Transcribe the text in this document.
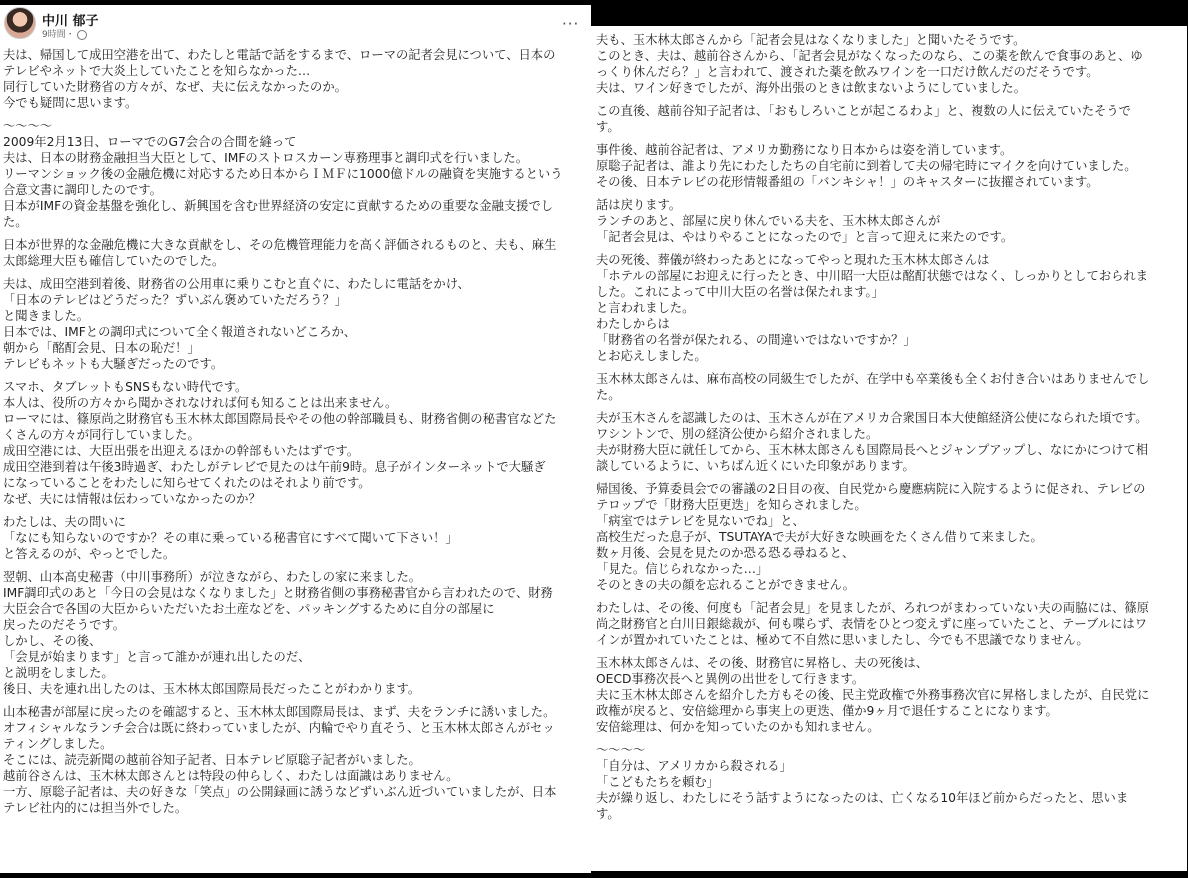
中川 郁子
9時間・
···
夫は、帰国して成田空港を出て、わたしと電話で話をするまで、ローマの記者会見について、日本の
テレビやネットで大炎上していたことを知らなかった…
同行していた財務省の方々が、なぜ、夫に伝えなかったのか。
今でも疑問に思います。
〜〜〜〜
2009年2月13日、ローマでのG7会合の合間を縫って
夫は、日本の財務金融担当大臣として、IMFのストロスカーン専務理事と調印式を行いました。
リーマンショック後の金融危機に対応するため日本からＩＭＦに1000億ドルの融資を実施するという
合意文書に調印したのです。
日本がIMFの資金基盤を強化し、新興国を含む世界経済の安定に貢献するための重要な金融支援でし
た。
日本が世界的な金融危機に大きな貢献をし、その危機管理能力を高く評価されるものと、夫も、麻生
太郎総理大臣も確信していたのでした。
夫は、成田空港到着後、財務省の公用車に乗りこむと直ぐに、わたしに電話をかけ、
「日本のテレビはどうだった？ずいぶん褒めていただろう？」
と聞きました。
日本では、IMFとの調印式について全く報道されないどころか、
朝から「酩酊会見、日本の恥だ！」
テレビもネットも大騒ぎだったのです。
スマホ、タブレットもSNSもない時代です。
本人は、役所の方々から聞かされなければ何も知ることは出来ません。
ローマには、篠原尚之財務官も玉木林太郎国際局長やその他の幹部職員も、財務省側の秘書官などた
くさんの方々が同行していました。
成田空港には、大臣出張を出迎えるほかの幹部もいたはずです。
成田空港到着は午後3時過ぎ、わたしがテレビで見たのは午前9時。息子がインターネットで大騒ぎ
になっていることをわたしに知らせてくれたのはそれより前です。
なぜ、夫には情報は伝わっていなかったのか？
わたしは、夫の問いに
「なにも知らないのですか？その車に乗っている秘書官にすべて聞いて下さい！」
と答えるのが、やっとでした。
翌朝、山本高史秘書（中川事務所）が泣きながら、わたしの家に来ました。
IMF調印式のあと「今日の会見はなくなりました」と財務省側の事務秘書官から言われたので、財務
大臣会合で各国の大臣からいただいたお土産などを、パッキングするために自分の部屋に
戻ったのだそうです。
しかし、その後、
「会見が始まります」と言って誰かが連れ出したのだ、
と説明をしました。
後日、夫を連れ出したのは、玉木林太郎国際局長だったことがわかります。
山本秘書が部屋に戻ったのを確認すると、玉木林太郎国際局長は、まず、夫をランチに誘いました。
オフィシャルなランチ会合は既に終わっていましたが、内輪でやり直そう、と玉木林太郎さんがセッ
ティングしました。
そこには、読売新聞の越前谷知子記者、日本テレビ原聡子記者がいました。
越前谷さんは、玉木林太郎さんとは特段の仲らしく、わたしは面識はありません。
一方、原聡子記者は、夫の好きな「笑点」の公開録画に誘うなどずいぶん近づいていましたが、日本
テレビ社内的には担当外でした。
夫も、玉木林太郎さんから「記者会見はなくなりました」と聞いたそうです。
このとき、夫は、越前谷さんから、「記者会見がなくなったのなら、この薬を飲んで食事のあと、ゆ
っくり休んだら？」と言われて、渡された薬を飲みワインを一口だけ飲んだのだそうです。
夫は、ワイン好きでしたが、海外出張のときは飲まないようにしていました。
この直後、越前谷知子記者は、「おもしろいことが起こるわよ」と、複数の人に伝えていたそうで
す。
事件後、越前谷記者は、アメリカ勤務になり日本からは姿を消しています。
原聡子記者は、誰より先にわたしたちの自宅前に到着して夫の帰宅時にマイクを向けていました。
その後、日本テレビの花形情報番組の「バンキシャ！」のキャスターに抜擢されています。
話は戻ります。
ランチのあと、部屋に戻り休んでいる夫を、玉木林太郎さんが
「記者会見は、やはりやることになったので」と言って迎えに来たのです。
夫の死後、葬儀が終わったあとになってやっと現れた玉木林太郎さんは
「ホテルの部屋にお迎えに行ったとき、中川昭一大臣は酩酊状態ではなく、しっかりとしておられま
した。これによって中川大臣の名誉は保たれます。」
と言われました。
わたしからは
「財務省の名誉が保たれる、の間違いではないですか？」
とお応えしました。
玉木林太郎さんは、麻布高校の同級生でしたが、在学中も卒業後も全くお付き合いはありませんでし
た。
夫が玉木さんを認識したのは、玉木さんが在アメリカ合衆国日本大使館経済公使になられた頃です。
ワシントンで、別の経済公使から紹介されました。
夫が財務大臣に就任してから、玉木林太郎さんも国際局長へとジャンプアップし、なにかにつけて相
談しているように、いちばん近くにいた印象があります。
帰国後、予算委員会での審議の2日目の夜、自民党から慶應病院に入院するように促され、テレビの
テロップで「財務大臣更迭」を知らされました。
「病室ではテレビを見ないでね」と、
高校生だった息子が、TSUTAYAで夫が大好きな映画をたくさん借りて来ました。
数ヶ月後、会見を見たのか恐る恐る尋ねると、
「見た。信じられなかった…」
そのときの夫の顔を忘れることができません。
わたしは、その後、何度も「記者会見」を見ましたが、ろれつがまわっていない夫の両脇には、篠原
尚之財務官と白川日銀総裁が、何も喋らず、表情をひとつ変えずに座っていたこと、テーブルにはワ
インが置かれていたことは、極めて不自然に思いましたし、今でも不思議でなりません。
玉木林太郎さんは、その後、財務官に昇格し、夫の死後は、
OECD事務次長へと異例の出世をして行きます。
夫に玉木林太郎さんを紹介した方もその後、民主党政権で外務事務次官に昇格しましたが、自民党に
政権が戻ると、安倍総理から事実上の更迭、僅か9ヶ月で退任することになります。
安倍総理は、何かを知っていたのかも知れません。
〜〜〜〜
「自分は、アメリカから殺される」
「こどもたちを頼む」
夫が繰り返し、わたしにそう話すようになったのは、亡くなる10年ほど前からだったと、思いま
す。
